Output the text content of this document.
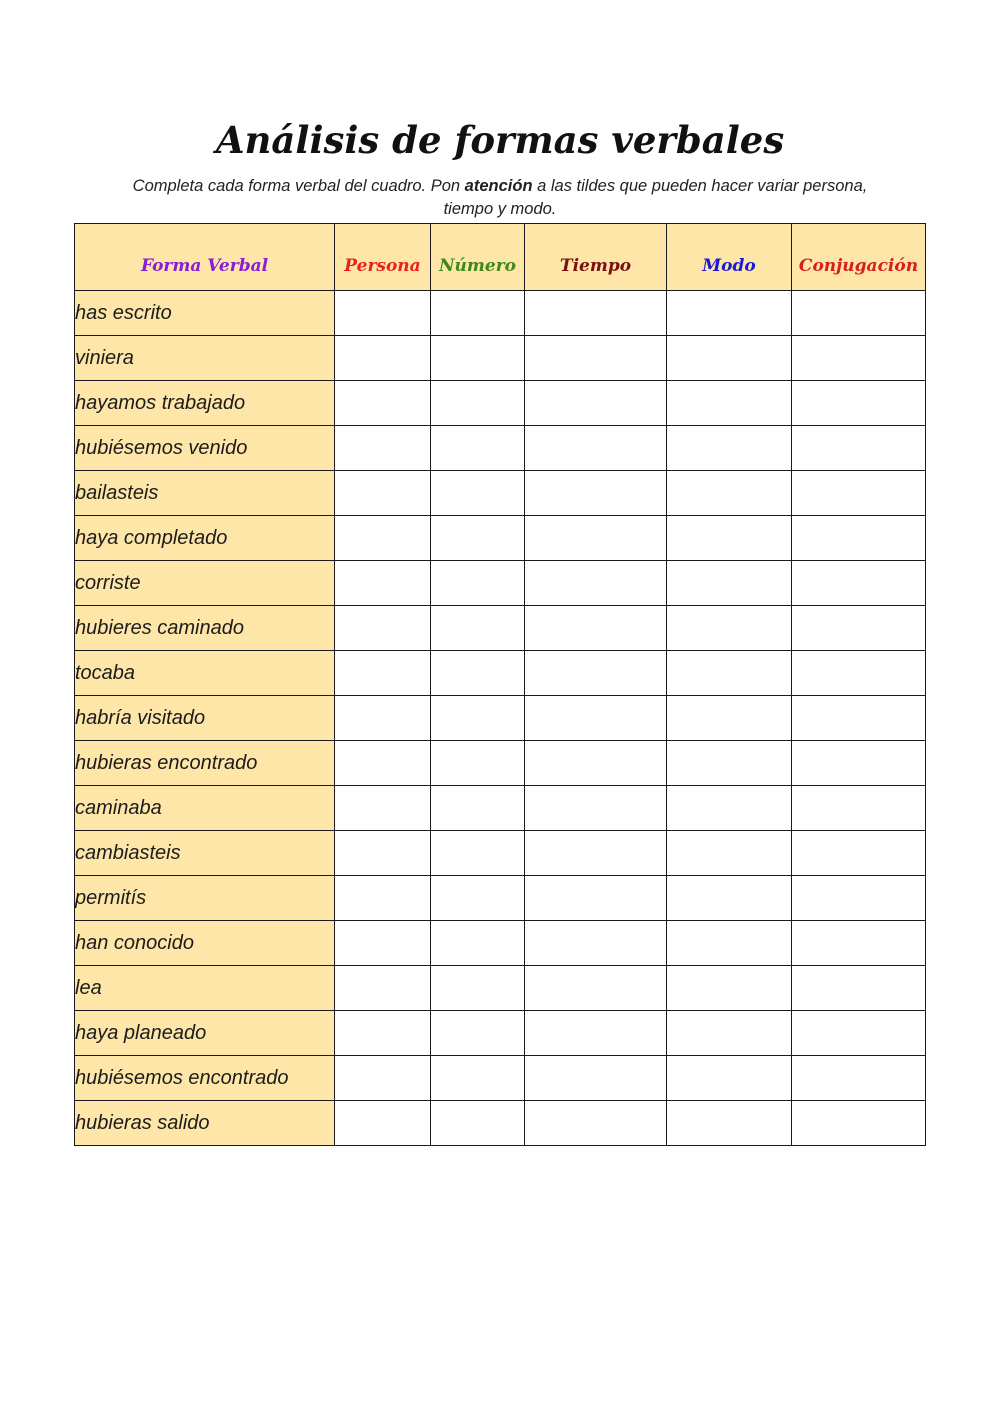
Análisis de formas verbales
Completa cada forma verbal del cuadro. Pon atención a las tildes que pueden hacer variar persona, tiempo y modo.
Forma Verbal	Persona	Número	Tiempo	Modo	Conjugación
has escrito					
viniera					
hayamos trabajado					
hubiésemos venido					
bailasteis					
haya completado					
corriste					
hubieres caminado					
tocaba					
habría visitado					
hubieras encontrado					
caminaba					
cambiasteis					
permitís					
han conocido					
lea					
haya planeado					
hubiésemos encontrado					
hubieras salido					
